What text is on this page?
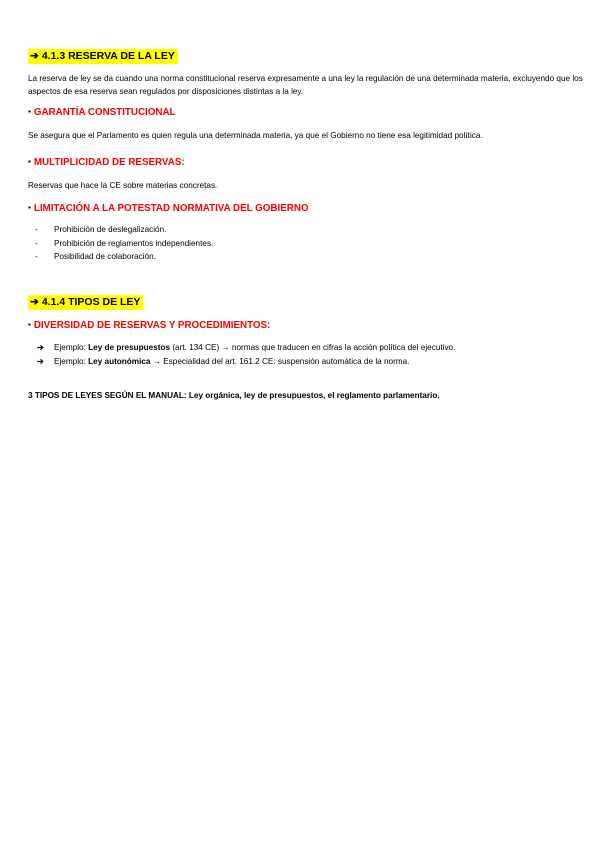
➔ 4.1.3 RESERVA DE LA LEY
La reserva de ley se da cuando una norma constitucional reserva expresamente a una ley la regulación de una determinada materia, excluyendo que los aspectos de esa reserva sean regulados por disposiciones distintas a la ley.
▪ GARANTÍA CONSTITUCIONAL
Se asegura que el Parlamento es quien regula una determinada materia, ya que el Gobierno no tiene esa legitimidad política.
▪ MULTIPLICIDAD DE RESERVAS:
Reservas que hace la CE sobre materias concretas.
▪ LIMITACIÓN A LA POTESTAD NORMATIVA DEL GOBIERNO
-	Prohibición de deslegalización.
-	Prohibición de reglamentos independientes.
-	Posibilidad de colaboración.
➔ 4.1.4 TIPOS DE LEY
▪ DIVERSIDAD DE RESERVAS Y PROCEDIMIENTOS:
➔	Ejemplo: Ley de presupuestos (art. 134 CE) → normas que traducen en cifras la acción política del ejecutivo.
➔	Ejemplo: Ley autonómica → Especialidad del art. 161.2 CE: suspensión automática de la norma.
3 TIPOS DE LEYES SEGÚN EL MANUAL: Ley orgánica, ley de presupuestos, el reglamento parlamentario.
